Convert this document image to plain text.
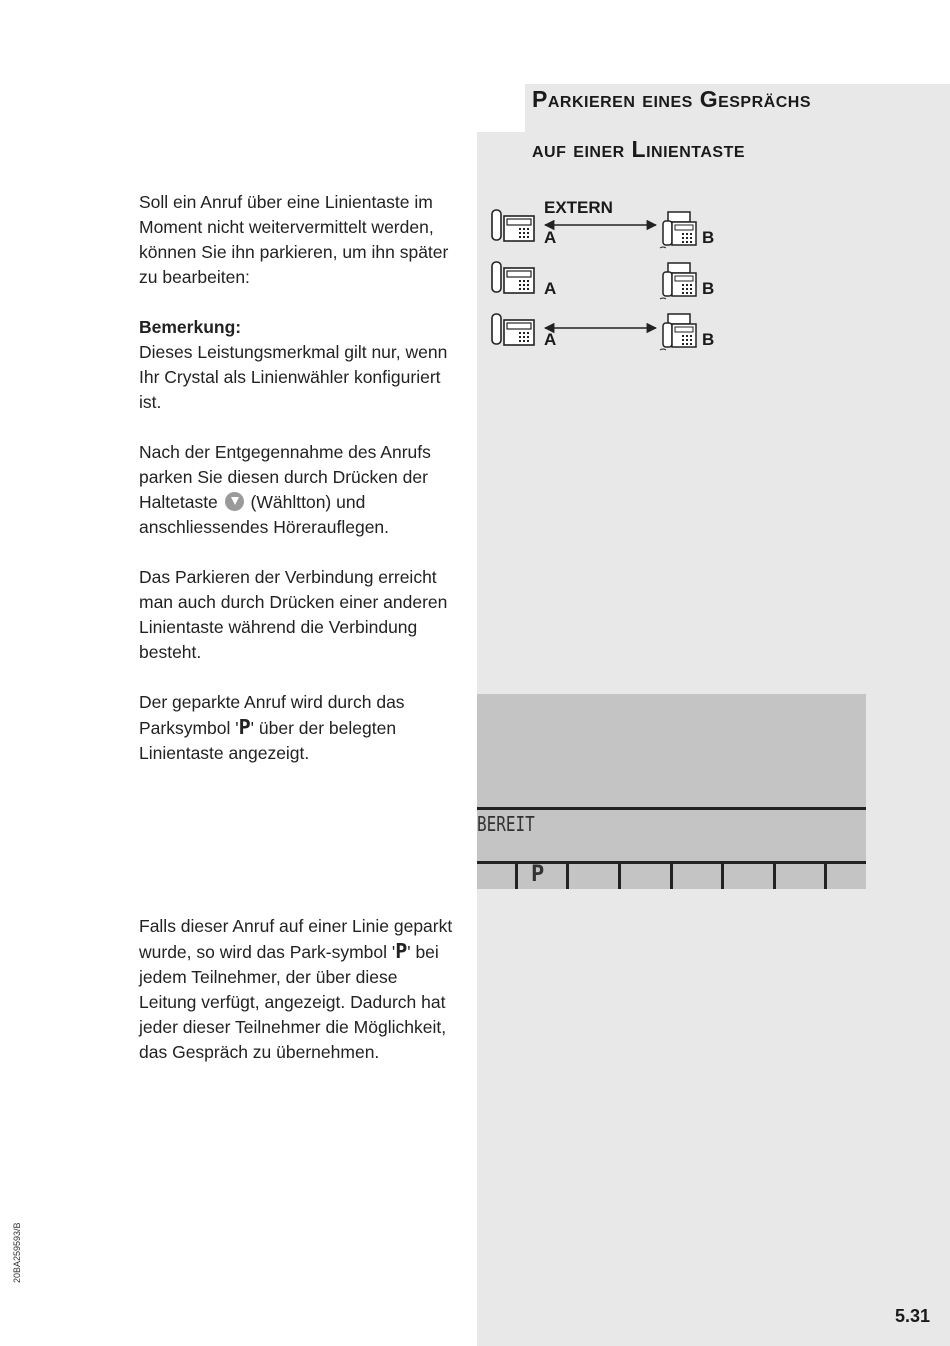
Parkieren eines Gesprächs
auf einer Linientaste

Soll ein Anruf über eine Linientaste im Moment nicht weitervermittelt werden, können Sie ihn parkieren, um ihn später zu bearbeiten:

Bemerkung:

Dieses Leistungsmerkmal gilt nur, wenn Ihr Crystal als Linienwähler konfiguriert ist.

Nach der Entgegennahme des Anrufs parken Sie diesen durch Drücken der Haltetaste (Wähltton) und anschliessendes Hörerauflegen.

Das Parkieren der Verbindung erreicht man auch durch Drücken einer anderen Linientaste während die Verbindung besteht.

Der geparkte Anruf wird durch das Parksymbol 'P' über der belegten Linientaste angezeigt.

Falls dieser Anruf auf einer Linie geparkt wurde, so wird das Park-symbol 'P' bei jedem Teilnehmer, der über diese Leitung verfügt, angezeigt. Dadurch hat jeder dieser Teilnehmer die Möglichkeit, das Gespräch zu übernehmen.

EXTERN
A	B
A	B
A	B
BEREIT
P
20BA259593/B
5.31
